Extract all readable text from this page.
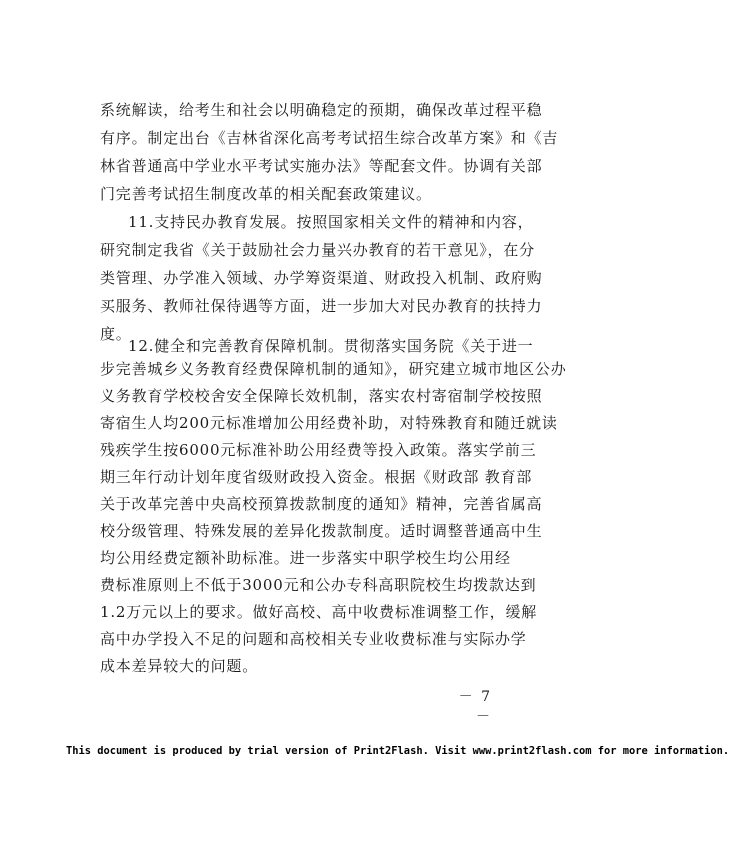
系统解读，给考生和社会以明确稳定的预期，确保改革过程平稳
有序。制定出台《吉林省深化高考考试招生综合改革方案》和《吉
林省普通高中学业水平考试实施办法》等配套文件。协调有关部
门完善考试招生制度改革的相关配套政策建议。
11.支持民办教育发展。按照国家相关文件的精神和内容，
研究制定我省《关于鼓励社会力量兴办教育的若干意见》，在分
类管理、办学准入领域、办学筹资渠道、财政投入机制、政府购
买服务、教师社保待遇等方面，进一步加大对民办教育的扶持力
度。
12.健全和完善教育保障机制。贯彻落实国务院《关于进一
步完善城乡义务教育经费保障机制的通知》，研究建立城市地区公办
义务教育学校校舍安全保障长效机制，落实农村寄宿制学校按照
寄宿生人均200元标准增加公用经费补助，对特殊教育和随迁就读
残疾学生按6000元标准补助公用经费等投入政策。落实学前三
期三年行动计划年度省级财政投入资金。根据《财政部 教育部
关于改革完善中央高校预算拨款制度的通知》精神，完善省属高
校分级管理、特殊发展的差异化拨款制度。适时调整普通高中生
均公用经费定额补助标准。进一步落实中职学校生均公用经
费标准原则上不低于3000元和公办专科高职院校生均拨款达到
1.2万元以上的要求。做好高校、高中收费标准调整工作，缓解
高中办学投入不足的问题和高校相关专业收费标准与实际办学
成本差异较大的问题。
－ 7 －
This document is produced by trial version of Print2Flash. Visit www.print2flash.com for more information.
